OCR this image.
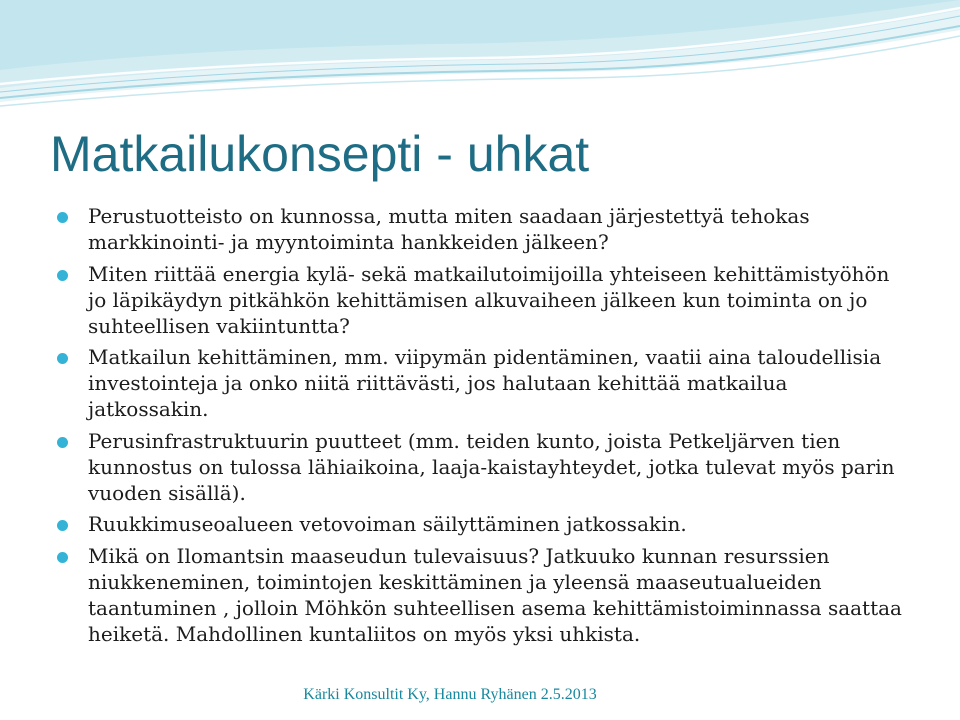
Matkailukonsepti - uhkat
Perustuotteisto on kunnossa, mutta miten saadaan järjestettyä tehokas markkinointi- ja myyntoiminta hankkeiden jälkeen?
Miten riittää energia kylä- sekä matkailutoimijoilla yhteiseen kehittämistyöhön jo läpikäydyn pitkähkön kehittämisen alkuvaiheen jälkeen kun toiminta on jo suhteellisen vakiintuntta?
Matkailun kehittäminen, mm. viipymän pidentäminen, vaatii aina taloudellisia investointeja ja onko niitä riittävästi, jos halutaan kehittää matkailua jatkossakin.
Perusinfrastruktuurin puutteet (mm. teiden kunto, joista Petkeljärven tien kunnostus on tulossa lähiaikoina, laaja-kaistayhteydet, jotka tulevat myös parin vuoden sisällä).
Ruukkimuseoalueen vetovoiman säilyttäminen jatkossakin.
Mikä on Ilomantsin maaseudun tulevaisuus? Jatkuuko kunnan resurssien niukkeneminen, toimintojen keskittäminen ja yleensä maaseutualueiden taantuminen , jolloin Möhkön suhteellisen asema kehittämistoiminnassa saattaa heiketä. Mahdollinen kuntaliitos on myös yksi uhkista.
Kärki Konsultit Ky, Hannu Ryhänen 2.5.2013
